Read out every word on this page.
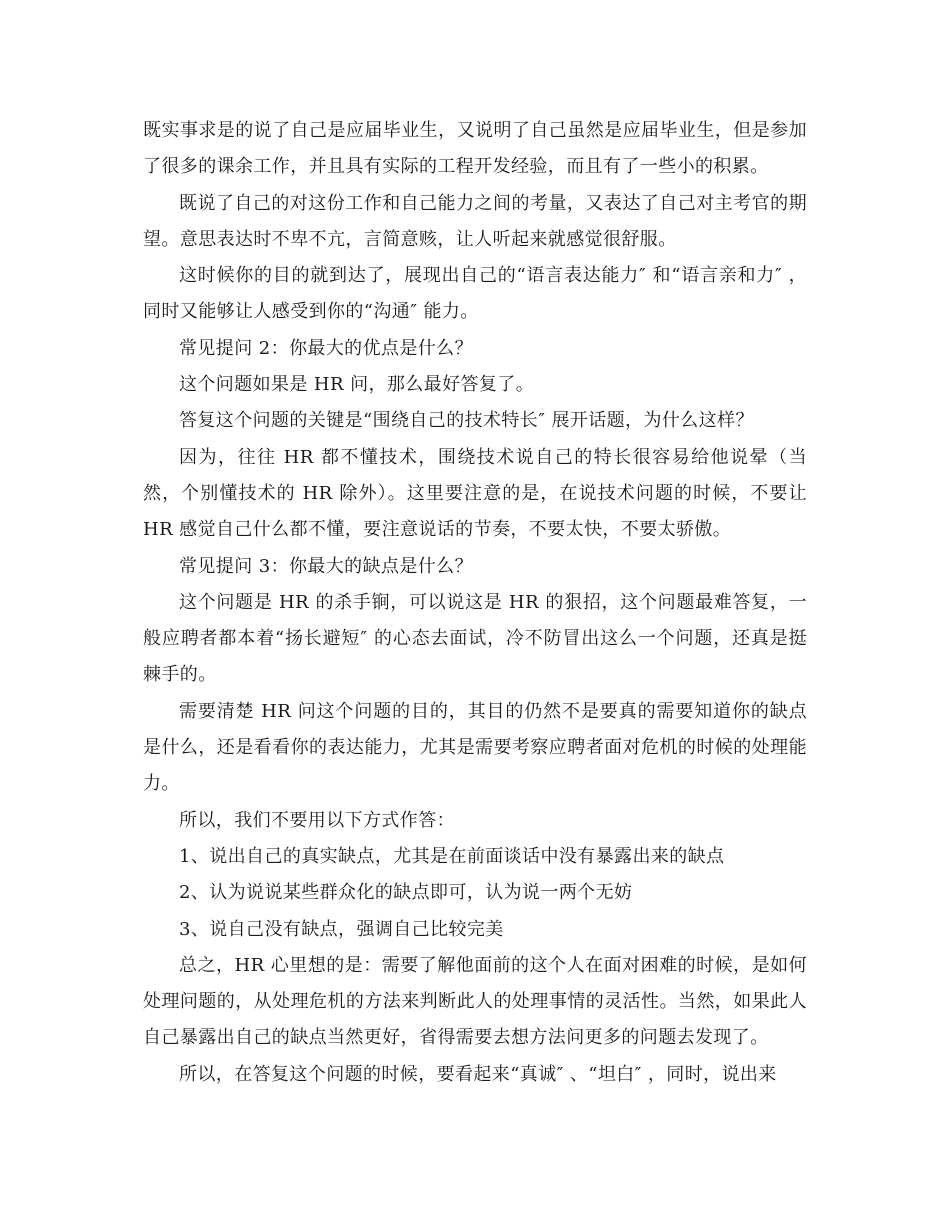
既实事求是的说了自己是应届毕业生，又说明了自己虽然是应届毕业生，但是参加了很多的课余工作，并且具有实际的工程开发经验，而且有了一些小的积累。

既说了自己的对这份工作和自己能力之间的考量，又表达了自己对主考官的期望。意思表达时不卑不亢，言简意赅，让人听起来就感觉很舒服。

这时候你的目的就到达了，展现出自己的“语言表达能力″ 和“语言亲和力″ ，同时又能够让人感受到你的“沟通″ 能力。

常见提问 2：你最大的优点是什么？

这个问题如果是 HR 问，那么最好答复了。

答复这个问题的关键是“围绕自己的技术特长″ 展开话题，为什么这样？

因为，往往 HR 都不懂技术，围绕技术说自己的特长很容易给他说晕（当然，个别懂技术的 HR 除外）。这里要注意的是，在说技术问题的时候，不要让 HR 感觉自己什么都不懂，要注意说话的节奏，不要太快，不要太骄傲。

常见提问 3：你最大的缺点是什么？

这个问题是 HR 的杀手锏，可以说这是 HR 的狠招，这个问题最难答复，一般应聘者都本着“扬长避短″ 的心态去面试，冷不防冒出这么一个问题，还真是挺棘手的。

需要清楚 HR 问这个问题的目的，其目的仍然不是要真的需要知道你的缺点是什么，还是看看你的表达能力，尤其是需要考察应聘者面对危机的时候的处理能力。

所以，我们不要用以下方式作答：

1、说出自己的真实缺点，尤其是在前面谈话中没有暴露出来的缺点

2、认为说说某些群众化的缺点即可，认为说一两个无妨

3、说自己没有缺点，强调自己比较完美

总之，HR 心里想的是：需要了解他面前的这个人在面对困难的时候，是如何处理问题的，从处理危机的方法来判断此人的处理事情的灵活性。当然，如果此人自己暴露出自己的缺点当然更好，省得需要去想方法问更多的问题去发现了。

所以，在答复这个问题的时候，要看起来“真诚″ 、“坦白″ ，同时，说出来
